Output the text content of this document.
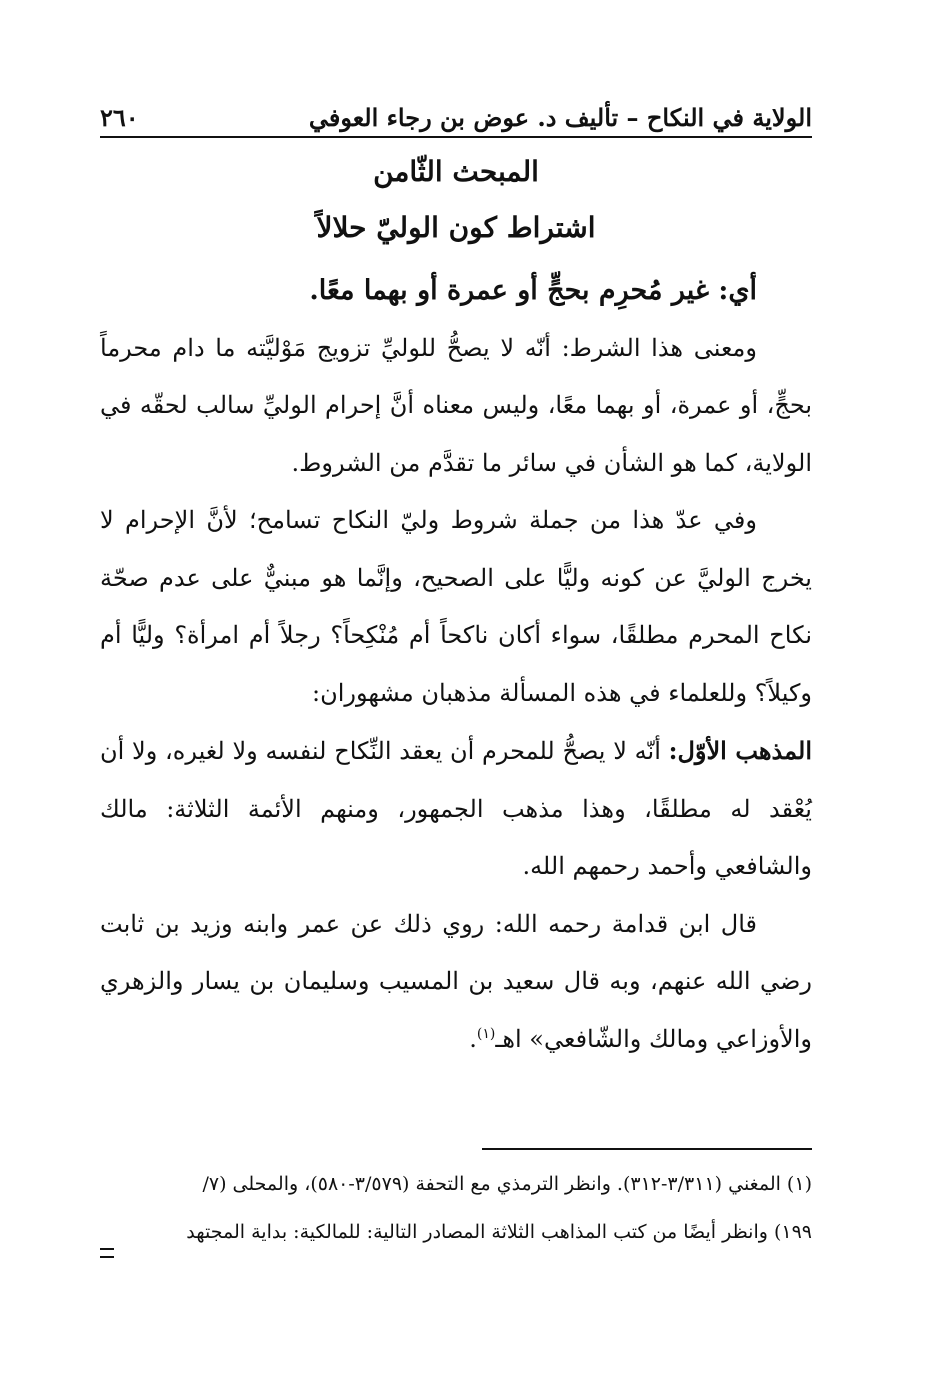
الولاية في النكاح – تأليف د. عوض بن رجاء العوفي
٢٦٠
المبحث الثّامن
اشتراط كون الوليّ حلالاً

أي: غير مُحرِم بحجٍّ أو عمرة أو بهما معًا.

ومعنى هذا الشرط: أنّه لا يصحُّ للوليِّ تزويج مَوْليَّته ما دام محرماً بحجٍّ، أو عمرة، أو بهما معًا، وليس معناه أنَّ إحرام الوليِّ سالب لحقّه في الولاية، كما هو الشأن في سائر ما تقدَّم من الشروط.

وفي عدّ هذا من جملة شروط وليّ النكاح تسامح؛ لأنَّ الإحرام لا يخرج الوليَّ عن كونه وليًّا على الصحيح، وإنَّما هو مبنيٌّ على عدم صحّة نكاح المحرم مطلقًا، سواء أكان ناكحاً أم مُنْكِحاً؟ رجلاً أم امرأة؟ وليًّا أم وكيلاً؟ وللعلماء في هذه المسألة مذهبان مشهوران:

المذهب الأوّل: أنّه لا يصحُّ للمحرم أن يعقد النِّكاح لنفسه ولا لغيره، ولا أن يُعْقد له مطلقًا، وهذا مذهب الجمهور، ومنهم الأئمة الثلاثة: مالك والشافعي وأحمد رحمهم الله.

قال ابن قدامة رحمه الله: روي ذلك عن عمر وابنه وزيد بن ثابت رضي الله عنهم، وبه قال سعيد بن المسيب وسليمان بن يسار والزهري والأوزاعي ومالك والشّافعي» اهـ$^{(١)}$.

(١) المغني (٣/٣١١-٣١٢). وانظر الترمذي مع التحفة (٣/٥٧٩-٥٨٠)، والمحلى (٧/

١٩٩) وانظر أيضًا من كتب المذاهب الثلاثة المصادر التالية: للمالكية: بداية المجتهد
